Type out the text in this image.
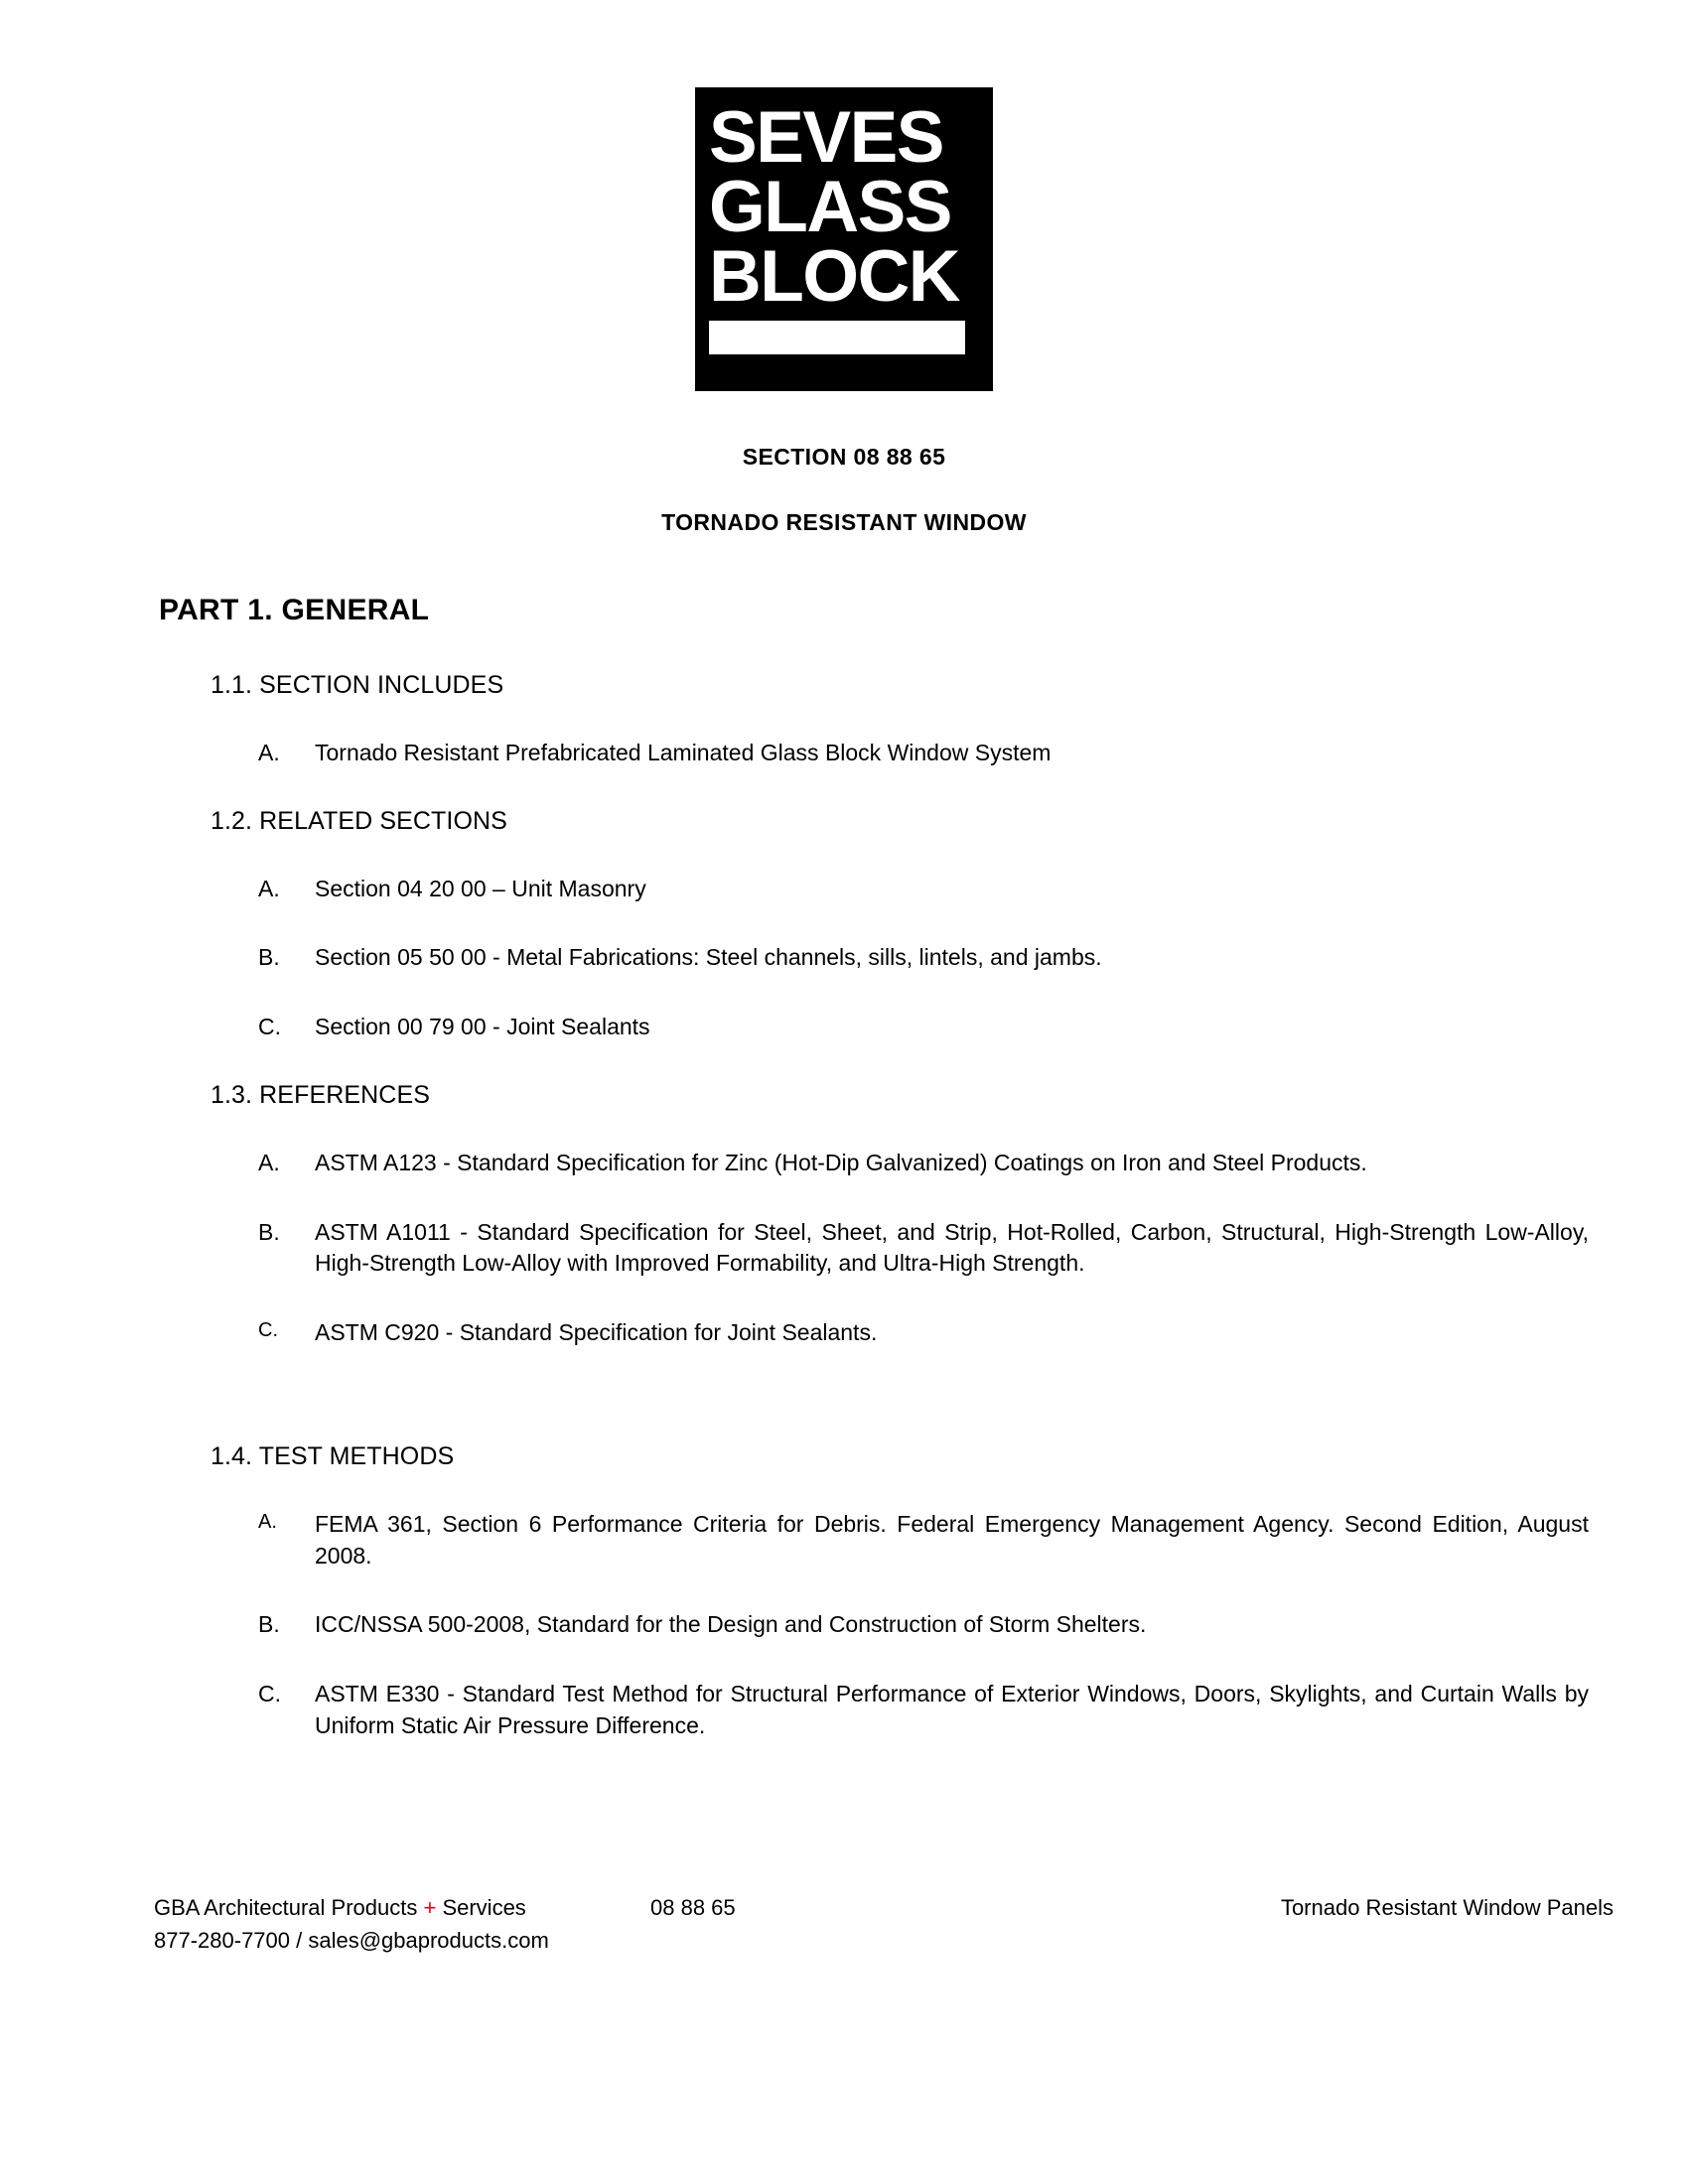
SEVES
GLASS
BLOCK
SECTION 08 88 65
TORNADO RESISTANT WINDOW
PART 1. GENERAL
1.1. SECTION INCLUDES
A.	Tornado Resistant Prefabricated Laminated Glass Block Window System
1.2. RELATED SECTIONS
A.	Section 04 20 00 – Unit Masonry
B.	Section 05 50 00 - Metal Fabrications: Steel channels, sills, lintels, and jambs.
C.	Section 00 79 00 - Joint Sealants
1.3. REFERENCES
A.	ASTM A123 - Standard Specification for Zinc (Hot-Dip Galvanized) Coatings on Iron and Steel Products.
B.	ASTM A1011 - Standard Specification for Steel, Sheet, and Strip, Hot-Rolled, Carbon, Structural, High-Strength Low-Alloy, High-Strength Low-Alloy with Improved Formability, and Ultra-High Strength.
C.	ASTM C920 - Standard Specification for Joint Sealants.
1.4. TEST METHODS
A.	FEMA 361, Section 6 Performance Criteria for Debris. Federal Emergency Management Agency. Second Edition, August 2008.
B.	ICC/NSSA 500-2008, Standard for the Design and Construction of Storm Shelters.
C.	ASTM E330 - Standard Test Method for Structural Performance of Exterior Windows, Doors, Skylights, and Curtain Walls by Uniform Static Air Pressure Difference.
GBA Architectural Products + Services	08 88 65	Tornado Resistant Window Panels
877-280-7700 / sales@gbaproducts.com
